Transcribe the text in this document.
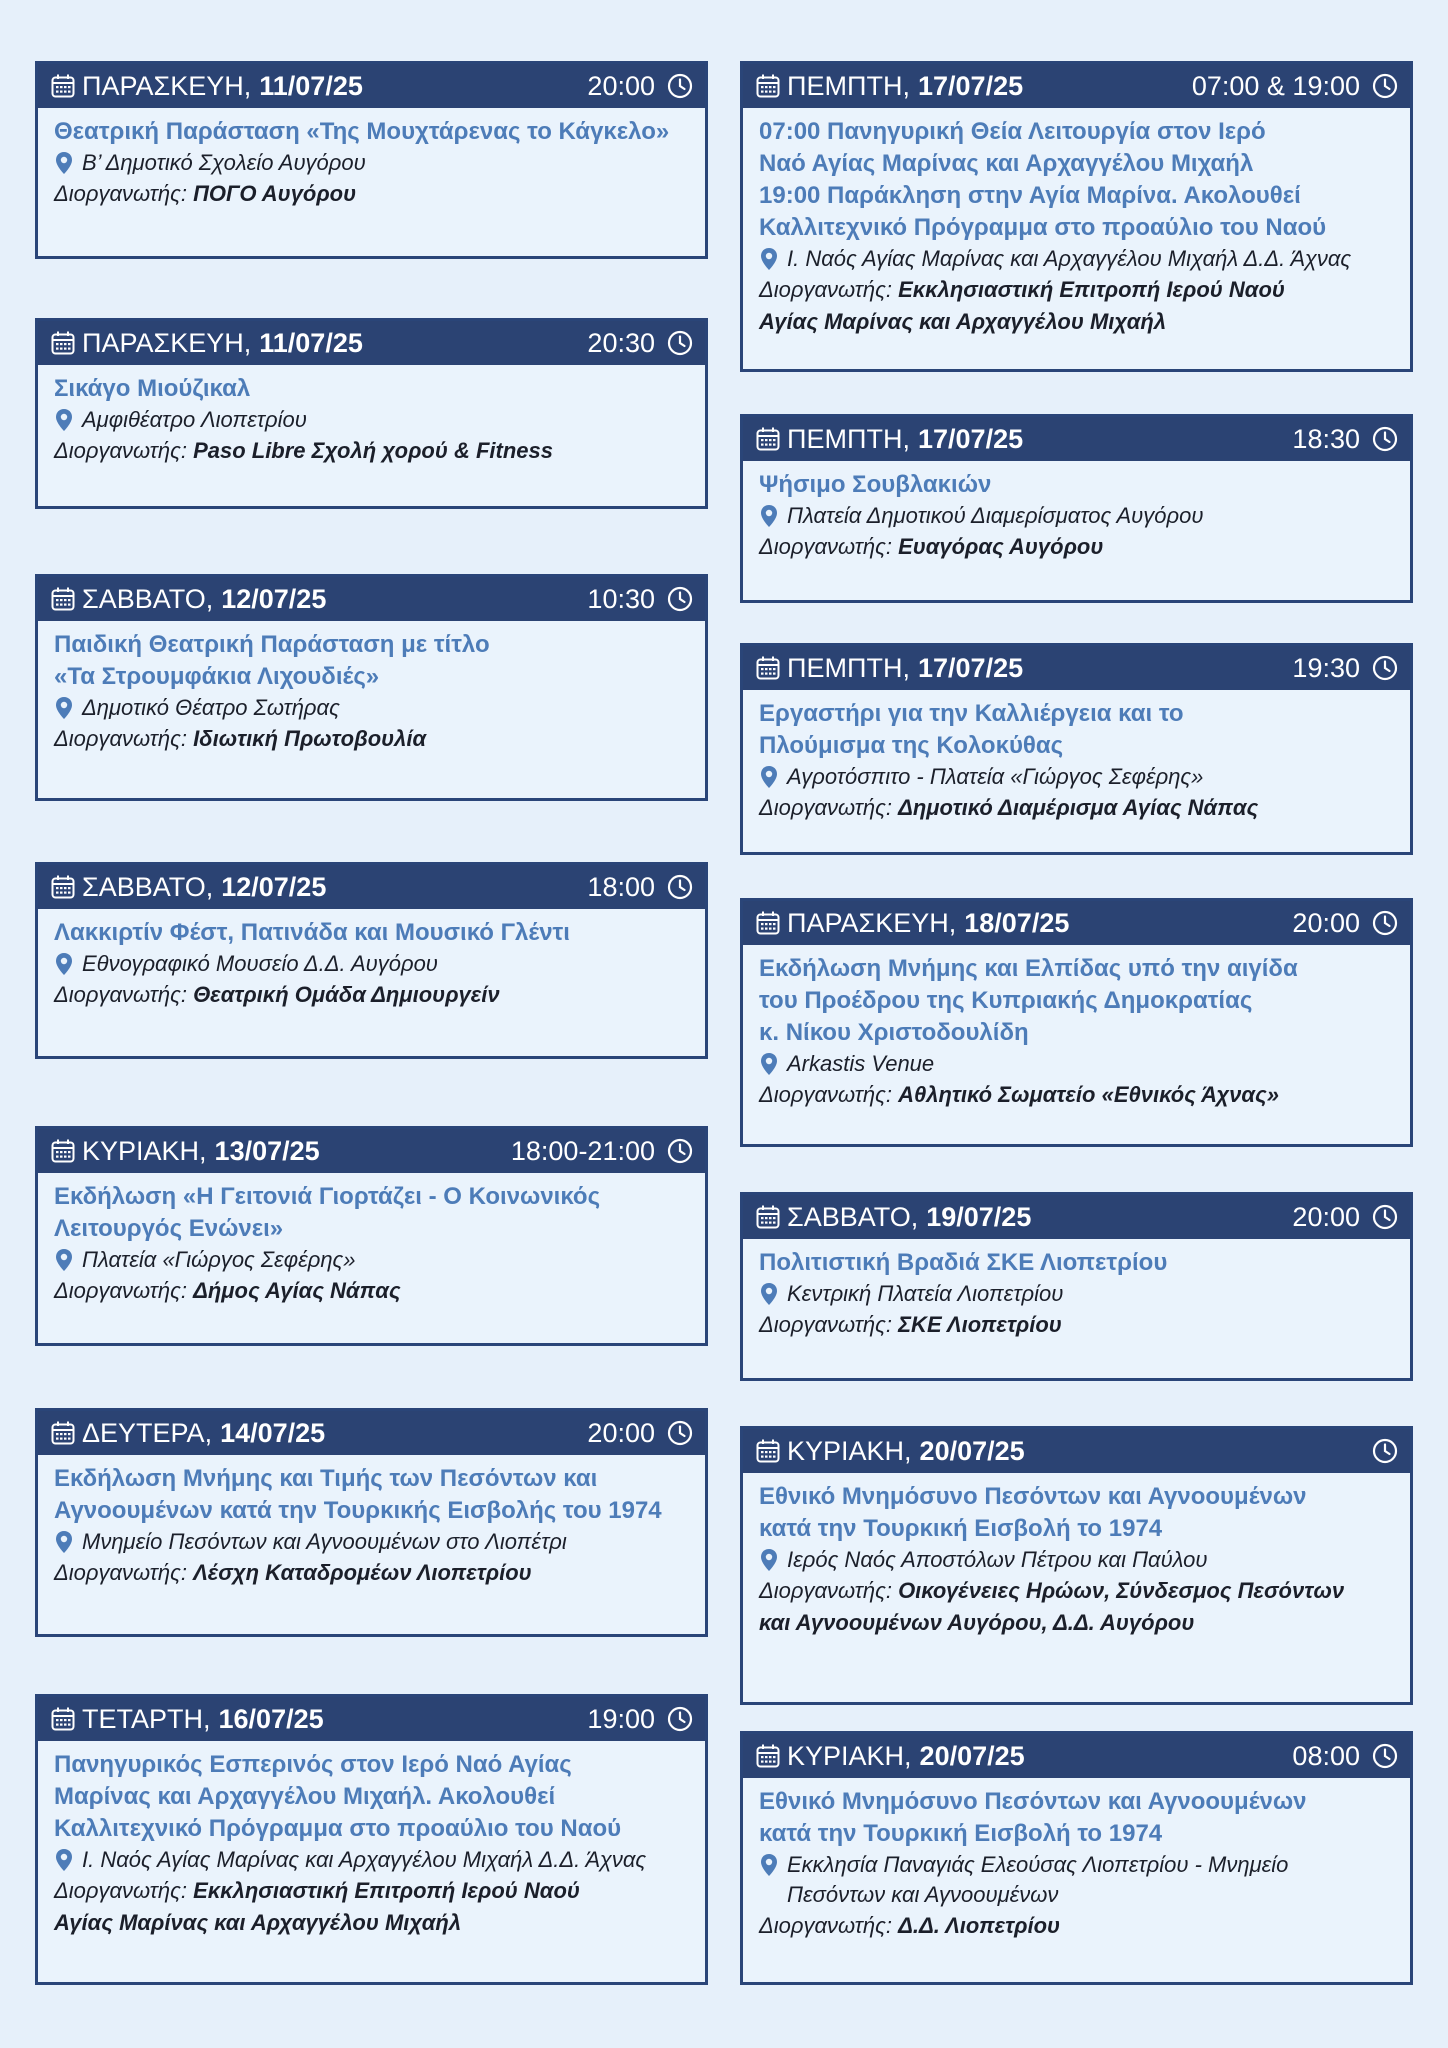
ΠΑΡΑΣΚΕΥΗ, 11/07/25	20:00
Θεατρική Παράσταση «Της Μουχτάρενας το Κάγκελο»
Β’ Δημοτικό Σχολείο Αυγόρου
Διοργανωτής: ΠΟΓΟ Αυγόρου
ΠΑΡΑΣΚΕΥΗ, 11/07/25	20:30
Σικάγο Μιούζικαλ
Αμφιθέατρο Λιοπετρίου
Διοργανωτής: Paso Libre Σχολή χορού & Fitness
ΣΑΒΒΑΤΟ, 12/07/25	10:30
Παιδική Θεατρική Παράσταση με τίτλο
«Τα Στρουμφάκια Λιχουδιές»
Δημοτικό Θέατρο Σωτήρας
Διοργανωτής: Ιδιωτική Πρωτοβουλία
ΣΑΒΒΑΤΟ, 12/07/25	18:00
Λακκιρτίν Φέστ, Πατινάδα και Μουσικό Γλέντι
Εθνογραφικό Μουσείο Δ.Δ. Αυγόρου
Διοργανωτής: Θεατρική Ομάδα Δημιουργείν
ΚΥΡΙΑΚΗ, 13/07/25	18:00-21:00
Εκδήλωση «Η Γειτονιά Γιορτάζει - Ο Κοινωνικός
Λειτουργός Ενώνει»
Πλατεία «Γιώργος Σεφέρης»
Διοργανωτής: Δήμος Αγίας Νάπας
ΔΕΥΤΕΡΑ, 14/07/25	20:00
Εκδήλωση Μνήμης και Τιμής των Πεσόντων και
Αγνοουμένων κατά την Τουρκικής Εισβολής του 1974
Μνημείο Πεσόντων και Αγνοουμένων στο Λιοπέτρι
Διοργανωτής: Λέσχη Καταδρομέων Λιοπετρίου
ΤΕΤΑΡΤΗ, 16/07/25	19:00
Πανηγυρικός Εσπερινός στον Ιερό Ναό Αγίας
Μαρίνας και Αρχαγγέλου Μιχαήλ. Ακολουθεί
Καλλιτεχνικό Πρόγραμμα στο προαύλιο του Ναού
Ι. Ναός Αγίας Μαρίνας και Αρχαγγέλου Μιχαήλ Δ.Δ. Άχνας
Διοργανωτής: Εκκλησιαστική Επιτροπή Ιερού Ναού
Αγίας Μαρίνας και Αρχαγγέλου Μιχαήλ
ΠΕΜΠΤΗ, 17/07/25	07:00 & 19:00
07:00 Πανηγυρική Θεία Λειτουργία στον Ιερό
Ναό Αγίας Μαρίνας και Αρχαγγέλου Μιχαήλ
19:00 Παράκληση στην Αγία Μαρίνα. Ακολουθεί
Καλλιτεχνικό Πρόγραμμα στο προαύλιο του Ναού
Ι. Ναός Αγίας Μαρίνας και Αρχαγγέλου Μιχαήλ Δ.Δ. Άχνας
Διοργανωτής: Εκκλησιαστική Επιτροπή Ιερού Ναού
Αγίας Μαρίνας και Αρχαγγέλου Μιχαήλ
ΠΕΜΠΤΗ, 17/07/25	18:30
Ψήσιμο Σουβλακιών
Πλατεία Δημοτικού Διαμερίσματος Αυγόρου
Διοργανωτής: Ευαγόρας Αυγόρου
ΠΕΜΠΤΗ, 17/07/25	19:30
Εργαστήρι για την Καλλιέργεια και το
Πλούμισμα της Κολοκύθας
Αγροτόσπιτο - Πλατεία «Γιώργος Σεφέρης»
Διοργανωτής: Δημοτικό Διαμέρισμα Αγίας Νάπας
ΠΑΡΑΣΚΕΥΗ, 18/07/25	20:00
Εκδήλωση Μνήμης και Ελπίδας υπό την αιγίδα
του Προέδρου της Κυπριακής Δημοκρατίας
κ. Νίκου Χριστοδουλίδη
Arkastis Venue
Διοργανωτής: Αθλητικό Σωματείο «Εθνικός Άχνας»
ΣΑΒΒΑΤΟ, 19/07/25	20:00
Πολιτιστική Βραδιά ΣΚΕ Λιοπετρίου
Κεντρική Πλατεία Λιοπετρίου
Διοργανωτής: ΣΚΕ Λιοπετρίου
ΚΥΡΙΑΚΗ, 20/07/25
Εθνικό Μνημόσυνο Πεσόντων και Αγνοουμένων
κατά την Τουρκική Εισβολή το 1974
Ιερός Ναός Αποστόλων Πέτρου και Παύλου
Διοργανωτής: Οικογένειες Ηρώων, Σύνδεσμος Πεσόντων
και Αγνοουμένων Αυγόρου, Δ.Δ. Αυγόρου
ΚΥΡΙΑΚΗ, 20/07/25	08:00
Εθνικό Μνημόσυνο Πεσόντων και Αγνοουμένων
κατά την Τουρκική Εισβολή το 1974
Εκκλησία Παναγιάς Ελεούσας Λιοπετρίου - Μνημείο
Πεσόντων και Αγνοουμένων
Διοργανωτής: Δ.Δ. Λιοπετρίου
